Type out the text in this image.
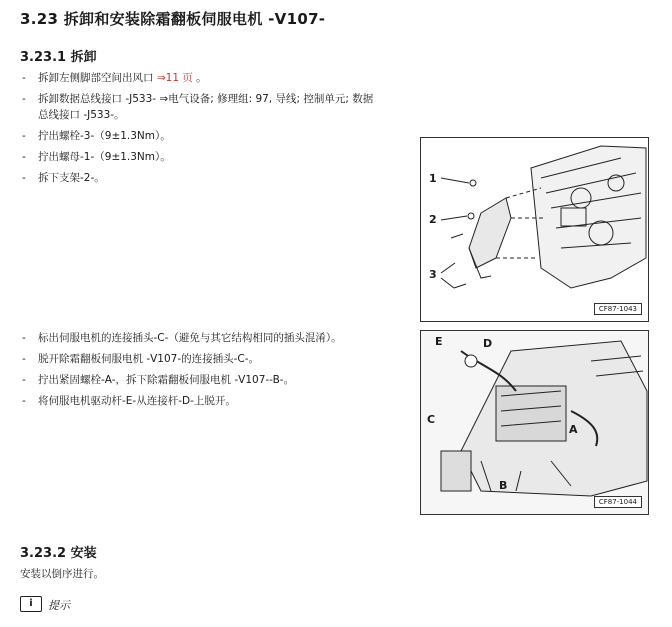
3.23 拆卸和安装除霜翻板伺服电机 -V107-
3.23.1 拆卸
- 拆卸左侧脚部空间出风口 ⇒11 页 。
- 拆卸数据总线接口 -J533- ⇒电气设备; 修理组: 97, 导线; 控制单元; 数据总线接口 -J533-。
- 拧出螺栓-3-（9±1.3Nm）。
- 拧出螺母-1-（9±1.3Nm）。
- 拆下支架-2-。
- 标出伺服电机的连接插头-C-（避免与其它结构相同的插头混淆）。
- 脱开除霜翻板伺服电机 -V107-的连接插头-C-。
- 拧出紧固螺栓-A-，拆下除霜翻板伺服电机 -V107--B-。
- 将伺服电机驱动杆-E-从连接杆-D-上脱开。
1
2
3
CF87-1043
E	D
C
A
B
CF87-1044
3.23.2 安装
安装以倒序进行。
i	提示
